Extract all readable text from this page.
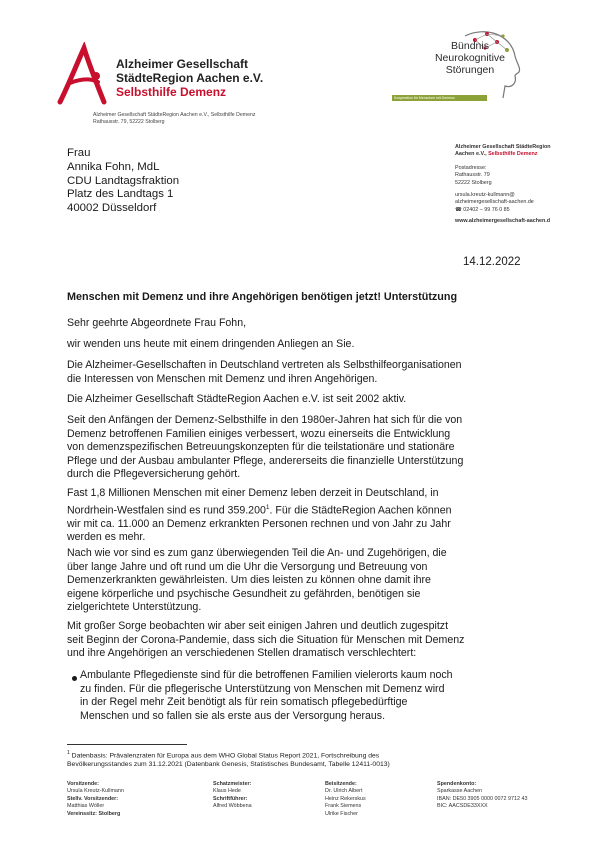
Alzheimer Gesellschaft
StädteRegion Aachen e.V.
Selbsthilfe Demenz
Alzheimer Gesellschaft StädteRegion Aachen e.V., Selbsthilfe Demenz
Rathausstr. 79, 52222 Stolberg
Bündnis
Neurokognitive
Störungen
Kooperation für Menschen mit Demenz
Frau
Annika Fohn, MdL
CDU Landtagsfraktion
Platz des Landtags 1
40002 Düsseldorf
Alzheimer Gesellschaft StädteRegion
Aachen e.V., Selbsthilfe Demenz
Postadresse:
Rathausstr. 79
52222 Stolberg
ursula.kreutz-kullmann@
alzheimergesellschaft-aachen.de
☎ 02402 – 99 76 0 85
www.alzheimergesellschaft-aachen.d
14.12.2022
Menschen mit Demenz und ihre Angehörigen benötigen jetzt! Unterstützung
Sehr geehrte Abgeordnete Frau Fohn,
wir wenden uns heute mit einem dringenden Anliegen an Sie.
Die Alzheimer-Gesellschaften in Deutschland vertreten als Selbsthilfeorganisationen
die Interessen von Menschen mit Demenz und ihren Angehörigen.
Die Alzheimer Gesellschaft StädteRegion Aachen e.V. ist seit 2002 aktiv.
Seit den Anfängen der Demenz-Selbsthilfe in den 1980er-Jahren hat sich für die von
Demenz betroffenen Familien einiges verbessert, wozu einerseits die Entwicklung
von demenzspezifischen Betreuungskonzepten für die teilstationäre und stationäre
Pflege und der Ausbau ambulanter Pflege, andererseits die finanzielle Unterstützung
durch die Pflegeversicherung gehört.
Fast 1,8 Millionen Menschen mit einer Demenz leben derzeit in Deutschland, in
Nordrhein-Westfalen sind es rund 359.200$^1$. Für die StädteRegion Aachen können
wir mit ca. 11.000 an Demenz erkrankten Personen rechnen und von Jahr zu Jahr
werden es mehr.
Nach wie vor sind es zum ganz überwiegenden Teil die An- und Zugehörigen, die
über lange Jahre und oft rund um die Uhr die Versorgung und Betreuung von
Demenzerkrankten gewährleisten. Um dies leisten zu können ohne damit ihre
eigene körperliche und psychische Gesundheit zu gefährden, benötigen sie
zielgerichtete Unterstützung.
Mit großer Sorge beobachten wir aber seit einigen Jahren und deutlich zugespitzt
seit Beginn der Corona-Pandemie, dass sich die Situation für Menschen mit Demenz
und ihre Angehörigen an verschiedenen Stellen dramatisch verschlechtert:
Ambulante Pflegedienste sind für die betroffenen Familien vielerorts kaum noch
zu finden. Für die pflegerische Unterstützung von Menschen mit Demenz wird
in der Regel mehr Zeit benötigt als für rein somatisch pflegebedürftige
Menschen und so fallen sie als erste aus der Versorgung heraus.
$^1$ Datenbasis: Prävalenzraten für Europa aus dem WHO Global Status Report 2021, Fortschreibung des
Bevölkerungsstandes zum 31.12.2021 (Datenbank Genesis, Statistisches Bundesamt, Tabelle 12411-0013)
Vorsitzende:
Ursula Kreutz-Kullmann
Stellv. Vorsitzender:
Matthias Wöller
Vereinssitz: Stolberg
Schatzmeister:
Klaus Hede
Schriftführer:
Alfred Wöbbena
Beisitzende:
Dr. Ulrich Albert
Heinz Rekerskus
Frank Siemens
Ulrike Fischer
Spendenkonto:
Sparkasse Aachen
IBAN: DE50 3905 0000 0072 9712 43
BIC: AACSDE33XXX
